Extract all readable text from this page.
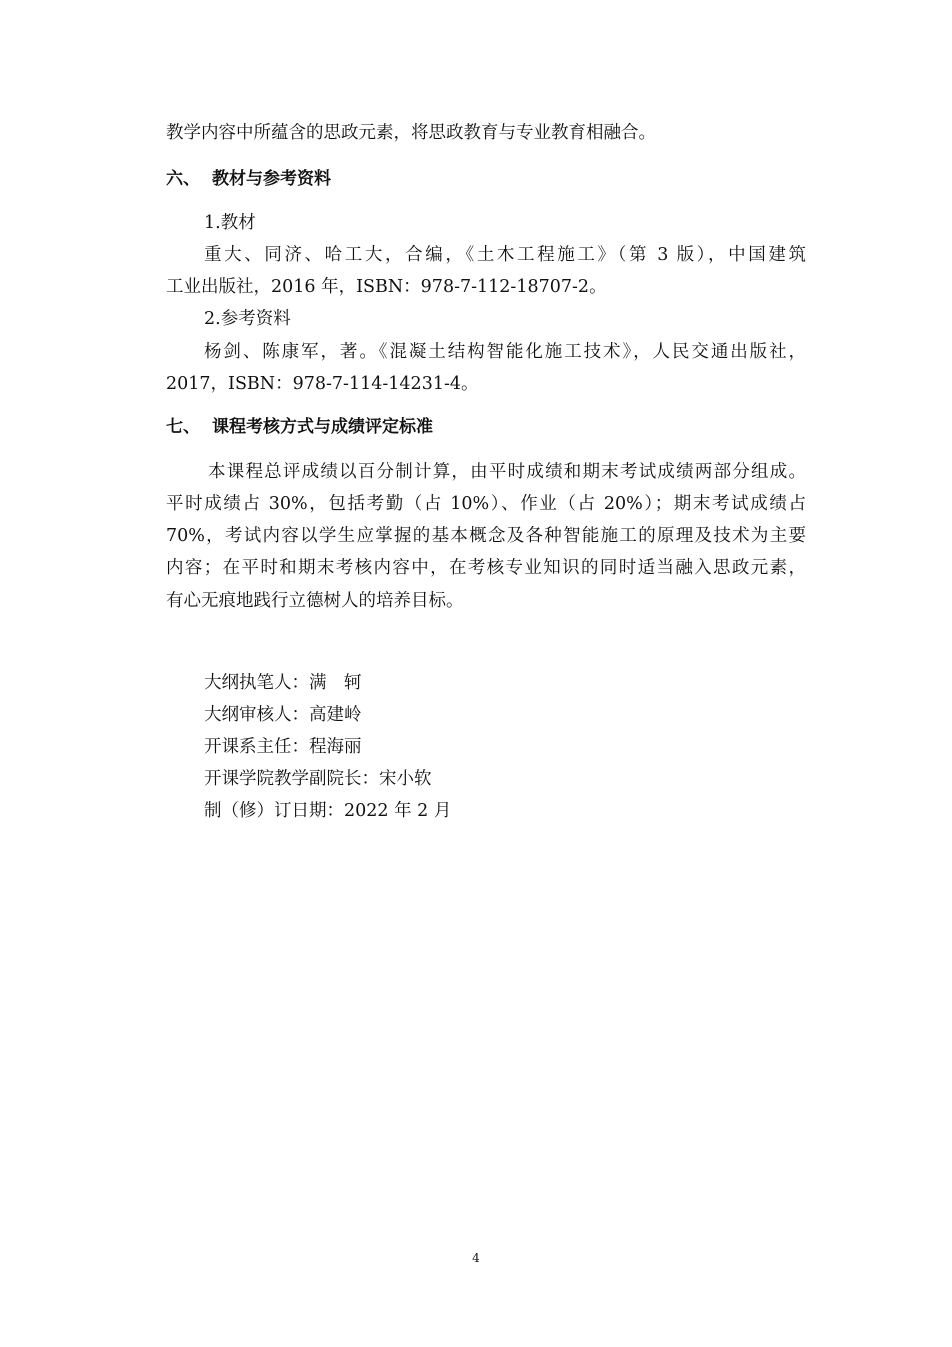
教学内容中所蕴含的思政元素，将思政教育与专业教育相融合。
六、 教材与参考资料
1.教材
重大、同济、哈工大，合编，《土木工程施工》（第 3 版），中国建筑
工业出版社，2016 年，ISBN：978-7-112-18707-2。
2.参考资料
杨剑、陈康军，著。《混凝土结构智能化施工技术》，人民交通出版社，
2017，ISBN：978-7-114-14231-4。
七、 课程考核方式与成绩评定标准
本课程总评成绩以百分制计算，由平时成绩和期末考试成绩两部分组成。
平时成绩占 30%，包括考勤（占 10%）、作业（占 20%）；期末考试成绩占
70%，考试内容以学生应掌握的基本概念及各种智能施工的原理及技术为主要
内容；在平时和期末考核内容中，在考核专业知识的同时适当融入思政元素，
有心无痕地践行立德树人的培养目标。
大纲执笔人：满　轲
大纲审核人：高建岭
开课系主任：程海丽
开课学院教学副院长：宋小软
制（修）订日期：2022 年 2 月
4
